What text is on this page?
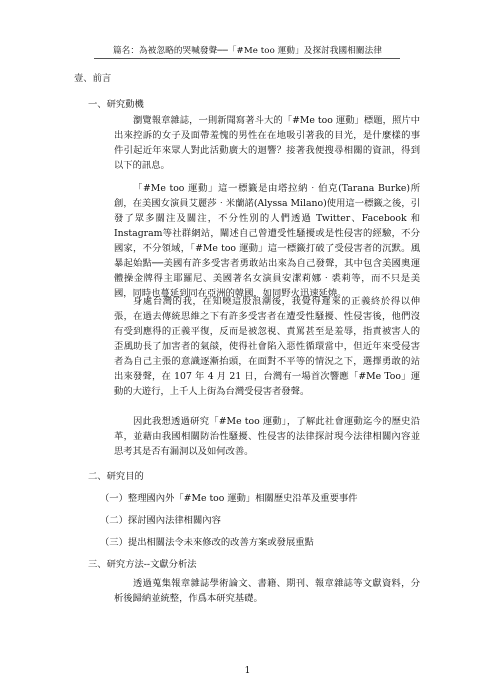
篇名：為被忽略的哭喊發聲──「#Me too 運動」及探討我國相關法律
壹、前言
一、研究動機

瀏覽報章雜誌，一則新聞寫著斗大的「#Me too 運動」標題，照片中出來控訴的女子及面帶羞愧的男性在在地吸引著我的目光，是什麼樣的事件引起近年來眾人對此活動廣大的迴響？接著我便搜尋相關的資訊，得到以下的訊息。

「#Me too 運動」這一標籤是由塔拉納‧伯克(Tarana Burke)所創，在美國女演員艾麗莎‧米蘭諾(Alyssa Milano)使用這一標籤之後，引發了眾多關注及關注，不分性別的人們透過 Twitter、Facebook 和 Instagram等社群網站，闡述自己曾遭受性騷擾或是性侵害的經驗，不分國家，不分領域，「#Me too 運動」這一標籤打破了受侵害者的沉默。風暴起始點──美國有許多受害者勇敢站出來為自己發聲，其中包含美國奧運體操金牌得主耶羅尼、美國著名女演員安潔莉娜‧裘莉等，而不只是美國，同時也蔓延到同在亞洲的韓國，如同野火迅速延燒。

身處台灣的我，在知曉這股浪潮後，我覺得遲來的正義終於得以伸張，在過去傳統思維之下有許多受害者在遭受性騷擾、性侵害後，他們沒有受到應得的正義平復，反而是被忽視、責罵甚至是羞辱，指責被害人的歪風助長了加害者的氣燄，使得社會陷入惡性循環當中，但近年來受侵害者為自己主張的意識逐漸抬頭，在面對不平等的情況之下，選擇勇敢的站出來發聲，在 107 年 4 月 21 日，台灣有一場首次響應「#Me Too」運動的大遊行，上千人上街為台灣受侵害者發聲。

因此我想透過研究「#Me too 運動」，了解此社會運動迄今的歷史沿革，並藉由我國相關防治性騷擾、性侵害的法律探討現今法律相關內容並思考其是否有漏洞以及如何改善。

二、研究目的
（一）整理國內外「#Me too 運動」相關歷史沿革及重要事件
（二）探討國內法律相關內容
（三）提出相關法令未來修改的改善方案或發展重點
三、研究方法--文獻分析法

透過蒐集報章雜誌學術論文、書籍、期刊、報章雜誌等文獻資料，分析後歸納並統整，作爲本研究基礎。

1
